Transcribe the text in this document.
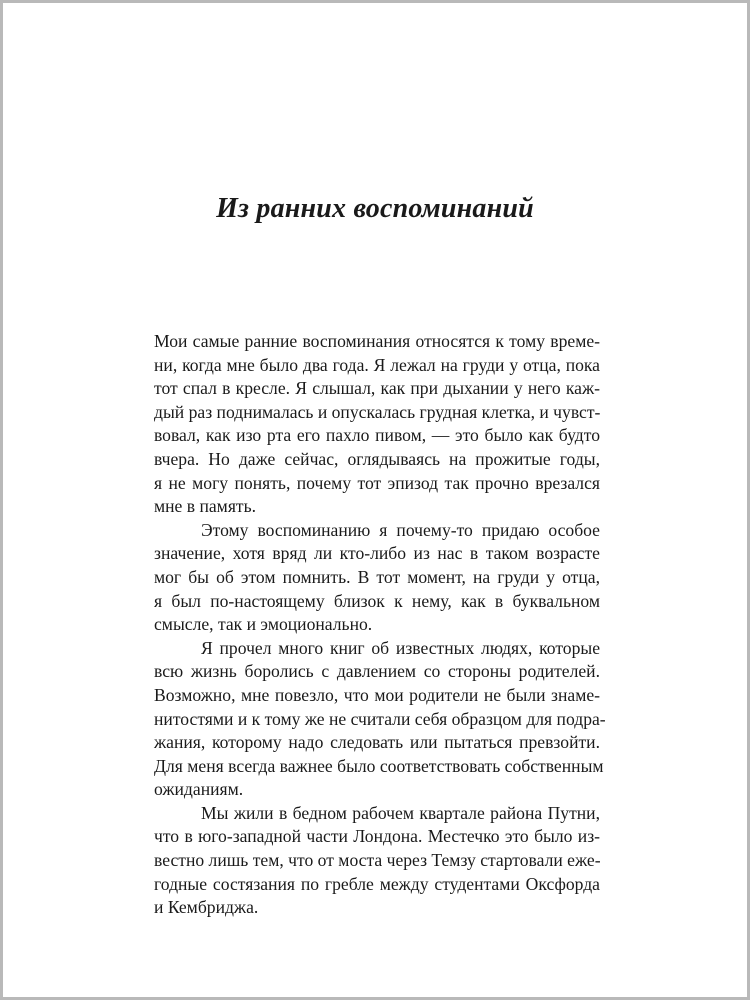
Из ранних воспоминаний
Мои самые ранние воспоминания относятся к тому време-
ни, когда мне было два года. Я лежал на груди у отца, пока
тот спал в кресле. Я слышал, как при дыхании у него каж-
дый раз поднималась и опускалась грудная клетка, и чувст-
вовал, как изо рта его пахло пивом, — это было как будто
вчера. Но даже сейчас, оглядываясь на прожитые годы,
я не могу понять, почему тот эпизод так прочно врезался
мне в память.
Этому воспоминанию я почему-то придаю особое
значение, хотя вряд ли кто-либо из нас в таком возрасте
мог бы об этом помнить. В тот момент, на груди у отца,
я был по-настоящему близок к нему, как в буквальном
смысле, так и эмоционально.
Я прочел много книг об известных людях, которые
всю жизнь боролись с давлением со стороны родителей.
Возможно, мне повезло, что мои родители не были знаме-
нитостями и к тому же не считали себя образцом для подра-
жания, которому надо следовать или пытаться превзойти.
Для меня всегда важнее было соответствовать собственным
ожиданиям.
Мы жили в бедном рабочем квартале района Путни,
что в юго-западной части Лондона. Местечко это было из-
вестно лишь тем, что от моста через Темзу стартовали еже-
годные состязания по гребле между студентами Оксфорда
и Кембриджа.
